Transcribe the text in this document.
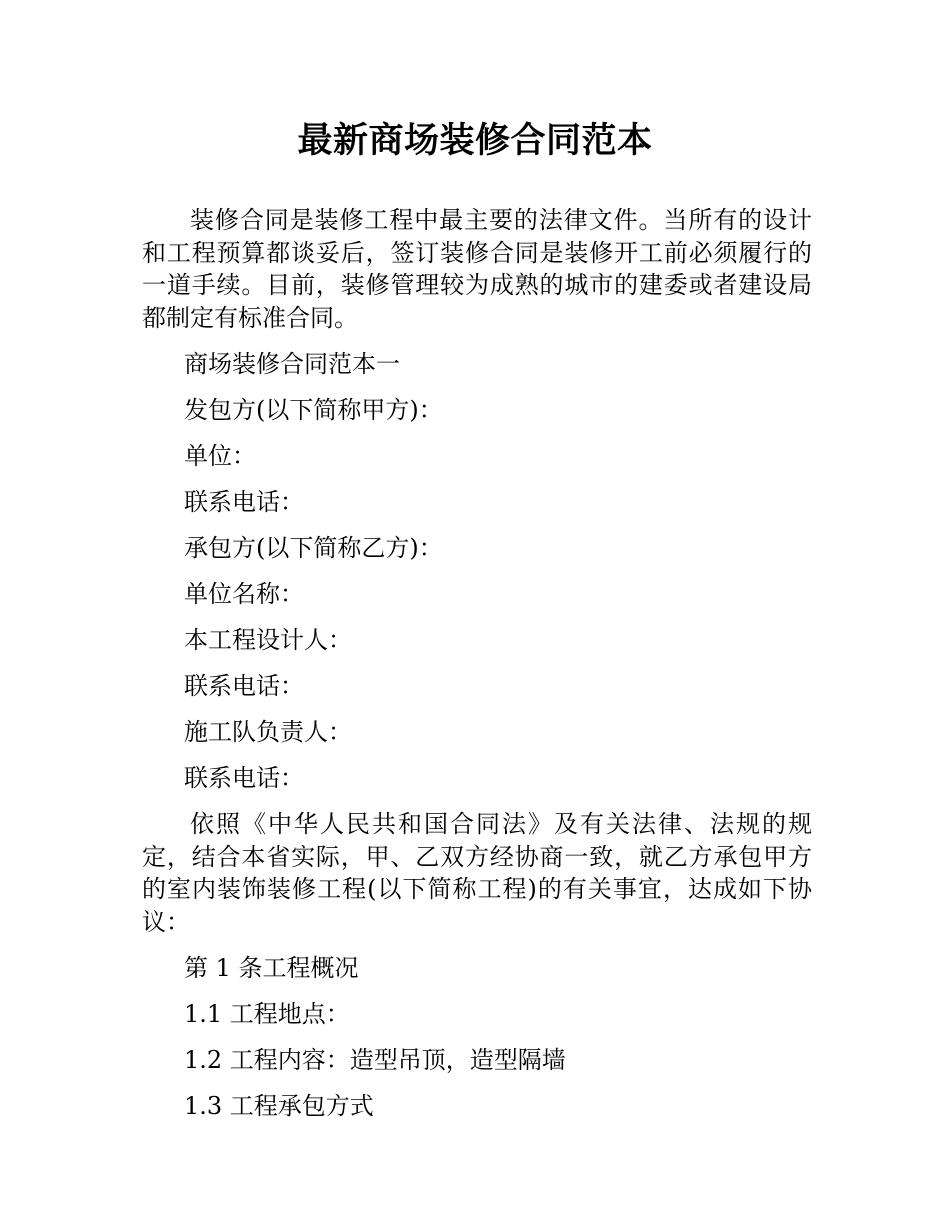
最新商场装修合同范本

装修合同是装修工程中最主要的法律文件。当所有的设计和工程预算都谈妥后，签订装修合同是装修开工前必须履行的一道手续。目前，装修管理较为成熟的城市的建委或者建设局都制定有标准合同。

商场装修合同范本一

发包方(以下简称甲方)：

单位：

联系电话：

承包方(以下简称乙方)：

单位名称：

本工程设计人：

联系电话：

施工队负责人：

联系电话：

依照《中华人民共和国合同法》及有关法律、法规的规定，结合本省实际，甲、乙双方经协商一致，就乙方承包甲方的室内装饰装修工程(以下简称工程)的有关事宜，达成如下协议：

第 1 条工程概况

1.1 工程地点：

1.2 工程内容：造型吊顶，造型隔墙

1.3 工程承包方式
